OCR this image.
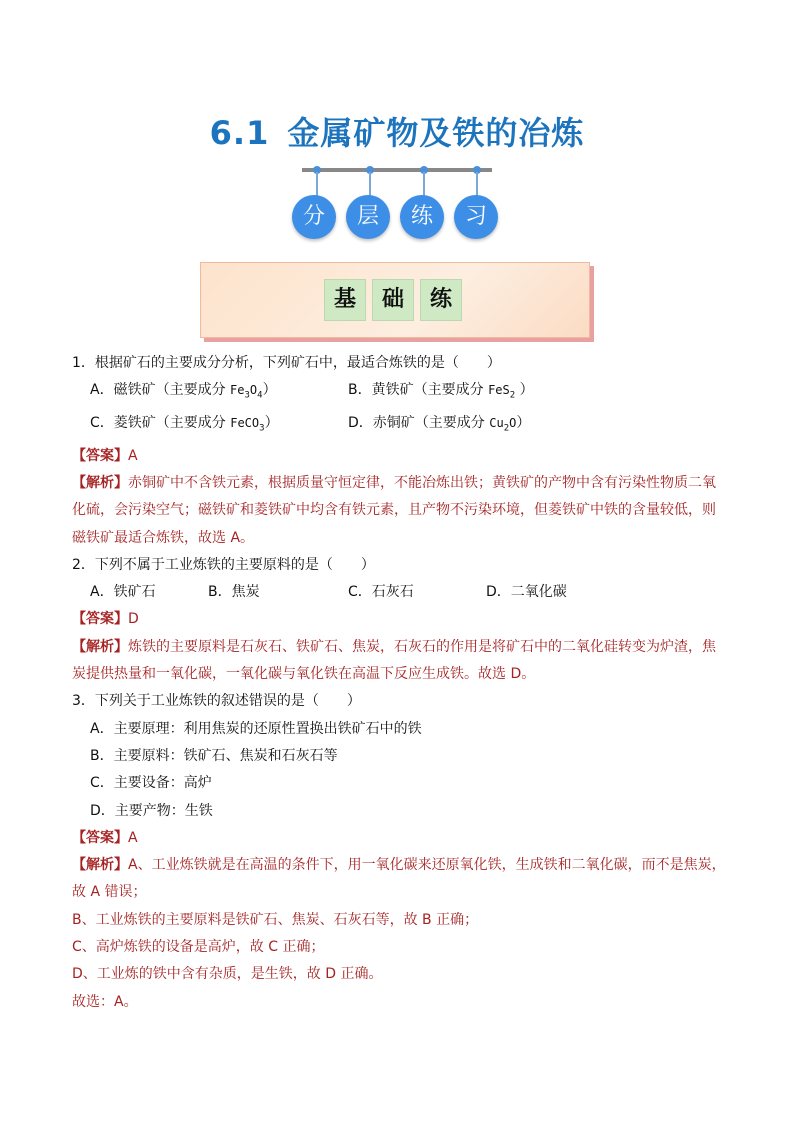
6.1 金属矿物及铁的冶炼
分	层	练	习
基	础	练
1．根据矿石的主要成分分析，下列矿石中，最适合炼铁的是（　　）
A．磁铁矿（主要成分 $Fe_3O_4$）	B．黄铁矿（主要成分 FeS$_2$ ）
C．菱铁矿（主要成分 FeCO$_3$）	D．赤铜矿（主要成分 $Cu_2O$）
【答案】A
【解析】赤铜矿中不含铁元素，根据质量守恒定律，不能冶炼出铁；黄铁矿的产物中含有污染性物质二氧
化硫，会污染空气；磁铁矿和菱铁矿中均含有铁元素，且产物不污染环境，但菱铁矿中铁的含量较低，则
磁铁矿最适合炼铁，故选 A。
2．下列不属于工业炼铁的主要原料的是（　　）
A．铁矿石	B．焦炭	C．石灰石	D．二氧化碳
【答案】D
【解析】炼铁的主要原料是石灰石、铁矿石、焦炭，石灰石的作用是将矿石中的二氧化硅转变为炉渣，焦
炭提供热量和一氧化碳，一氧化碳与氧化铁在高温下反应生成铁。故选 D。
3．下列关于工业炼铁的叙述错误的是（　　）
A．主要原理：利用焦炭的还原性置换出铁矿石中的铁
B．主要原料：铁矿石、焦炭和石灰石等
C．主要设备：高炉
D．主要产物：生铁
【答案】A
【解析】A、工业炼铁就是在高温的条件下，用一氧化碳来还原氧化铁，生成铁和二氧化碳，而不是焦炭，
故 A 错误；
B、工业炼铁的主要原料是铁矿石、焦炭、石灰石等，故 B 正确；
C、高炉炼铁的设备是高炉，故 C 正确；
D、工业炼的铁中含有杂质，是生铁，故 D 正确。
故选：A。
